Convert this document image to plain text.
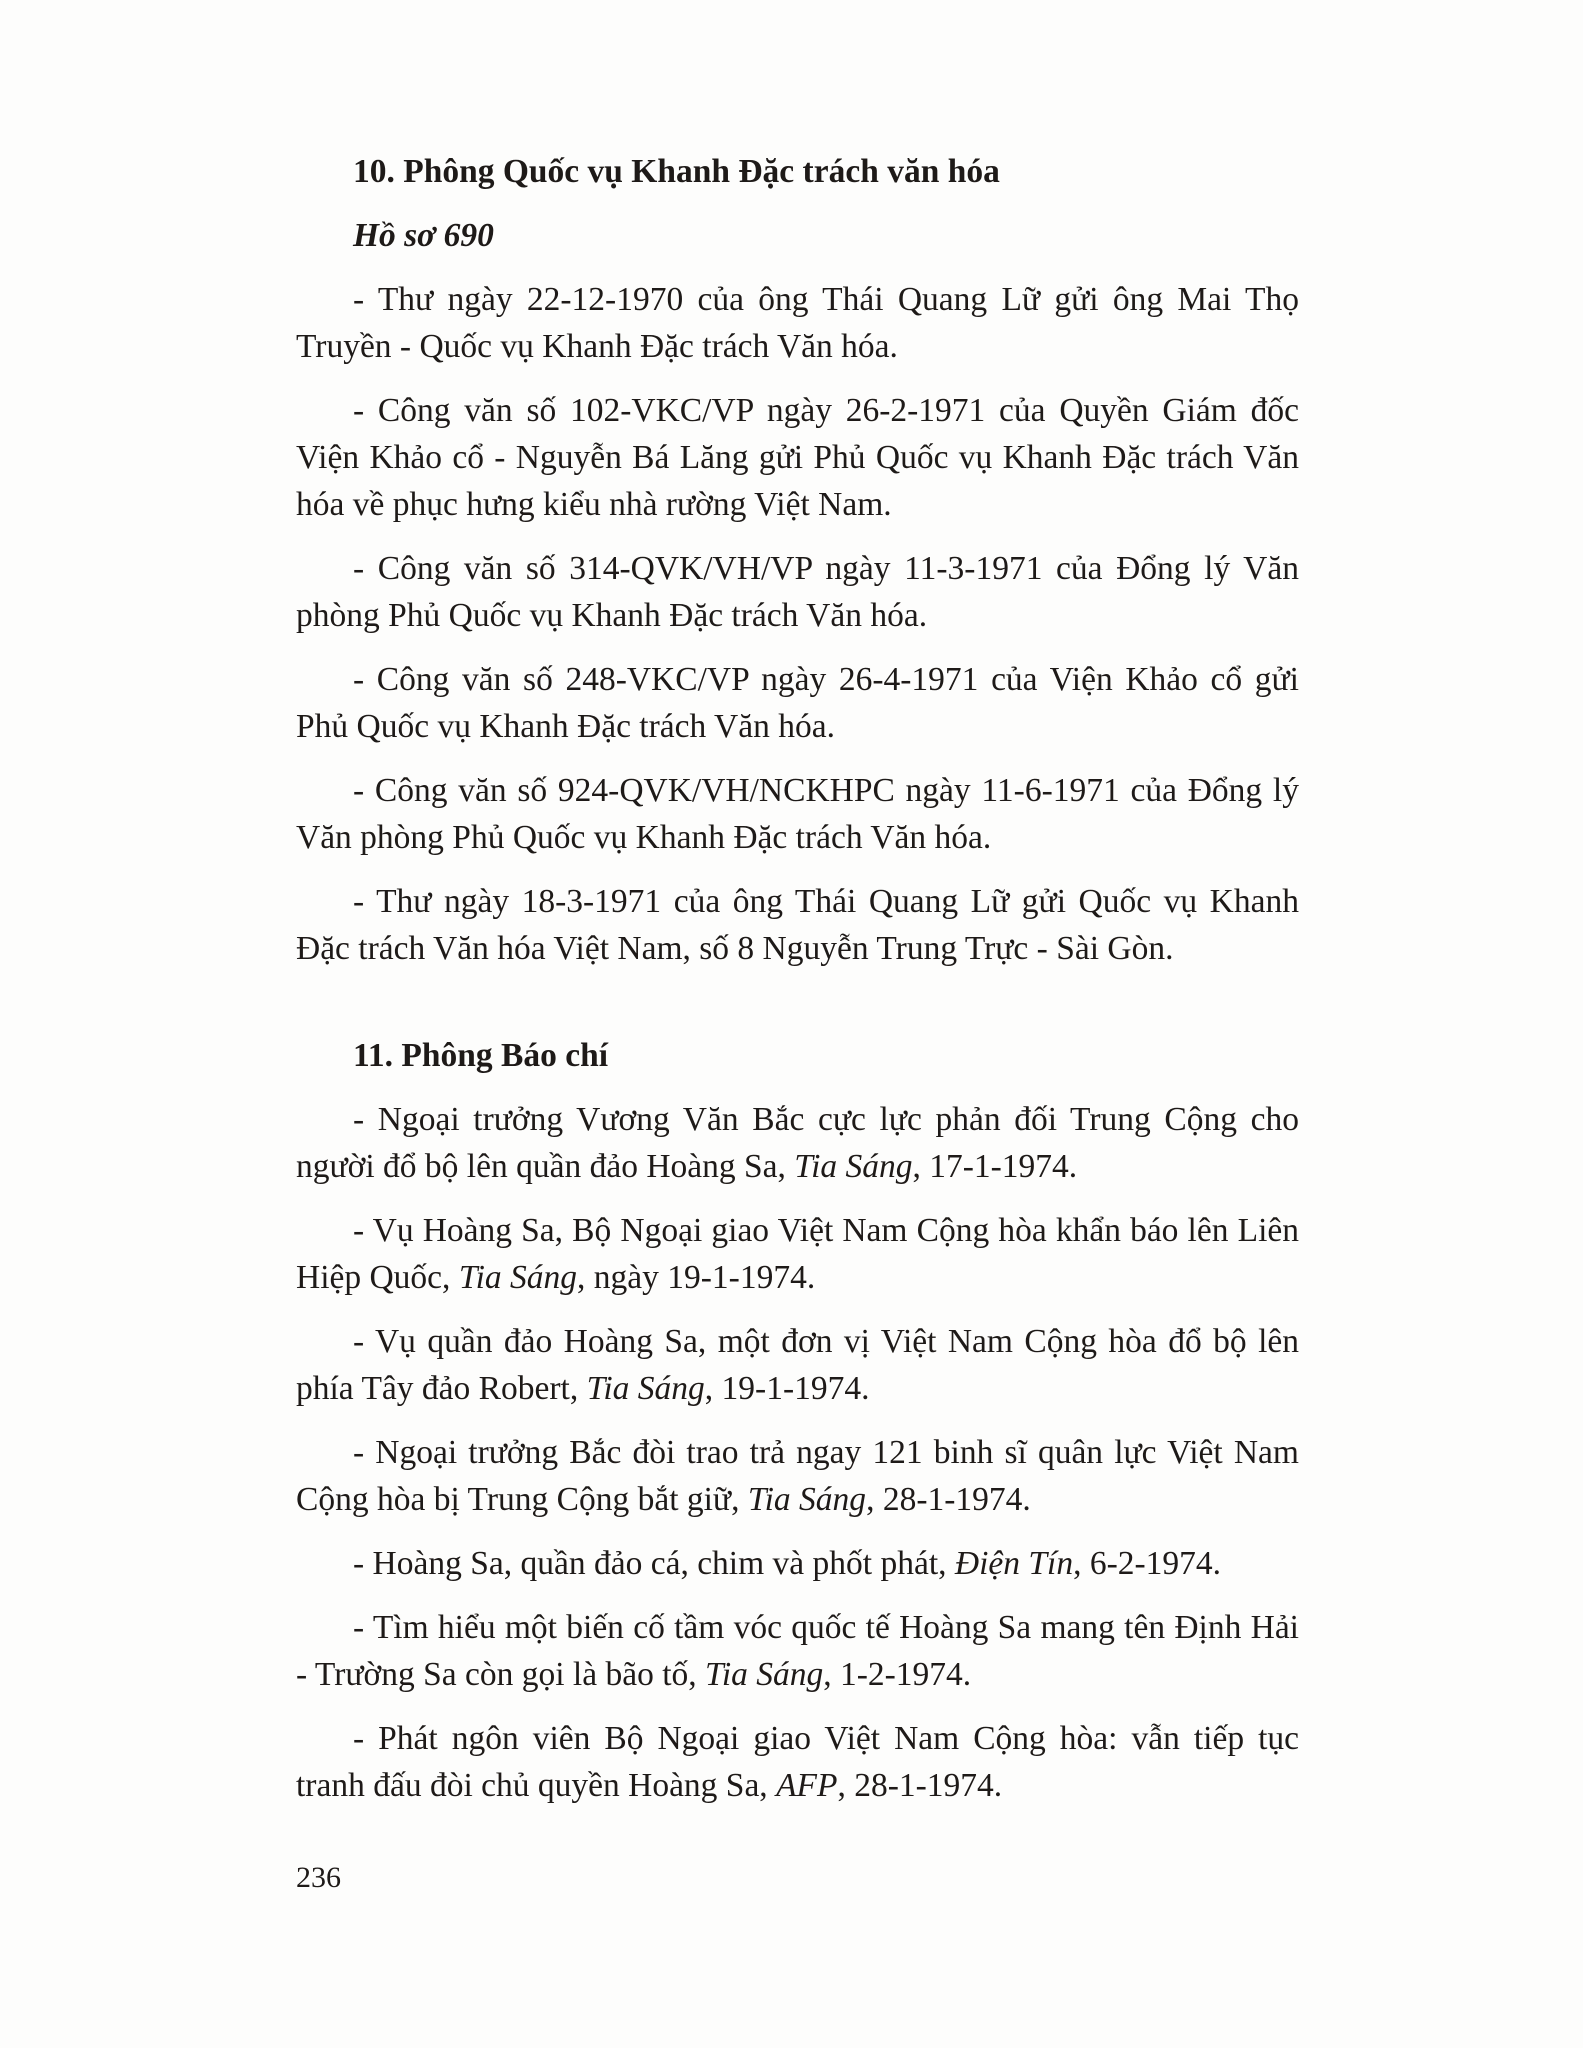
10. Phông Quốc vụ Khanh Đặc trách văn hóa

Hồ sơ 690

- Thư ngày 22-12-1970 của ông Thái Quang Lữ gửi ông Mai Thọ Truyền - Quốc vụ Khanh Đặc trách Văn hóa.

- Công văn số 102-VKC/VP ngày 26-2-1971 của Quyền Giám đốc Viện Khảo cổ - Nguyễn Bá Lăng gửi Phủ Quốc vụ Khanh Đặc trách Văn hóa về phục hưng kiểu nhà rường Việt Nam.

- Công văn số 314-QVK/VH/VP ngày 11-3-1971 của Đổng lý Văn phòng Phủ Quốc vụ Khanh Đặc trách Văn hóa.

- Công văn số 248-VKC/VP ngày 26-4-1971 của Viện Khảo cổ gửi Phủ Quốc vụ Khanh Đặc trách Văn hóa.

- Công văn số 924-QVK/VH/NCKHPC ngày 11-6-1971 của Đổng lý Văn phòng Phủ Quốc vụ Khanh Đặc trách Văn hóa.

- Thư ngày 18-3-1971 của ông Thái Quang Lữ gửi Quốc vụ Khanh Đặc trách Văn hóa Việt Nam, số 8 Nguyễn Trung Trực - Sài Gòn.

11. Phông Báo chí

- Ngoại trưởng Vương Văn Bắc cực lực phản đối Trung Cộng cho người đổ bộ lên quần đảo Hoàng Sa, Tia Sáng, 17-1-1974.

- Vụ Hoàng Sa, Bộ Ngoại giao Việt Nam Cộng hòa khẩn báo lên Liên Hiệp Quốc, Tia Sáng, ngày 19-1-1974.

- Vụ quần đảo Hoàng Sa, một đơn vị Việt Nam Cộng hòa đổ bộ lên phía Tây đảo Robert, Tia Sáng, 19-1-1974.

- Ngoại trưởng Bắc đòi trao trả ngay 121 binh sĩ quân lực Việt Nam Cộng hòa bị Trung Cộng bắt giữ, Tia Sáng, 28-1-1974.

- Hoàng Sa, quần đảo cá, chim và phốt phát, Điện Tín, 6-2-1974.

- Tìm hiểu một biến cố tầm vóc quốc tế Hoàng Sa mang tên Định Hải - Trường Sa còn gọi là bão tố, Tia Sáng, 1-2-1974.

- Phát ngôn viên Bộ Ngoại giao Việt Nam Cộng hòa: vẫn tiếp tục tranh đấu đòi chủ quyền Hoàng Sa, AFP, 28-1-1974.

236
